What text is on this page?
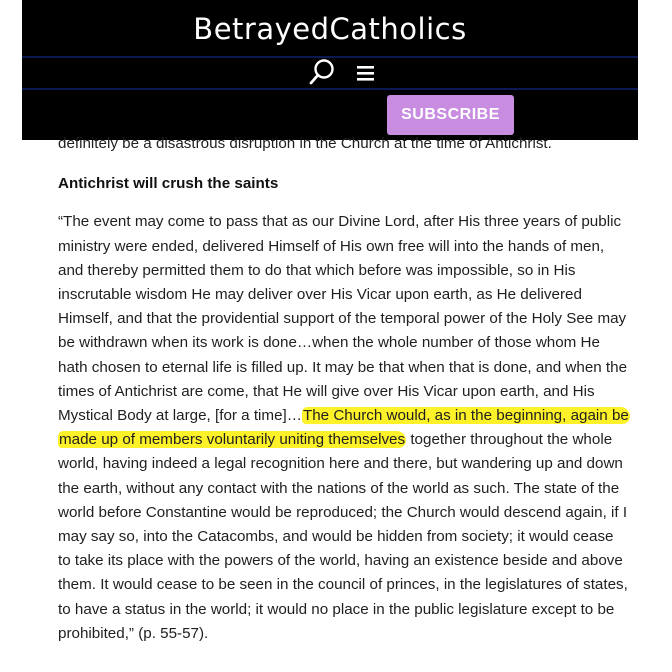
BetrayedCatholics
SUBSCRIBE

definitely be a disastrous disruption in the Church at the time of Antichrist.

Antichrist will crush the saints

“The event may come to pass that as our Divine Lord, after His three years of public ministry were ended, delivered Himself of His own free will into the hands of men, and thereby permitted them to do that which before was impossible, so in His inscrutable wisdom He may deliver over His Vicar upon earth, as He delivered Himself, and that the providential support of the temporal power of the Holy See may be withdrawn when its work is done…when the whole number of those whom He hath chosen to eternal life is filled up. It may be that when that is done, and when the times of Antichrist are come, that He will give over His Vicar upon earth, and His Mystical Body at large, [for a time]…The Church would, as in the beginning, again be made up of members voluntarily uniting themselves together throughout the whole world, having indeed a legal recognition here and there, but wandering up and down the earth, without any contact with the nations of the world as such. The state of the world before Constantine would be reproduced; the Church would descend again, if I may say so, into the Catacombs, and would be hidden from society; it would cease to take its place with the powers of the world, having an existence beside and above them. It would cease to be seen in the council of princes, in the legislatures of states, to have a status in the world; it would no place in the public legislature except to be prohibited,” (p. 55-57).
